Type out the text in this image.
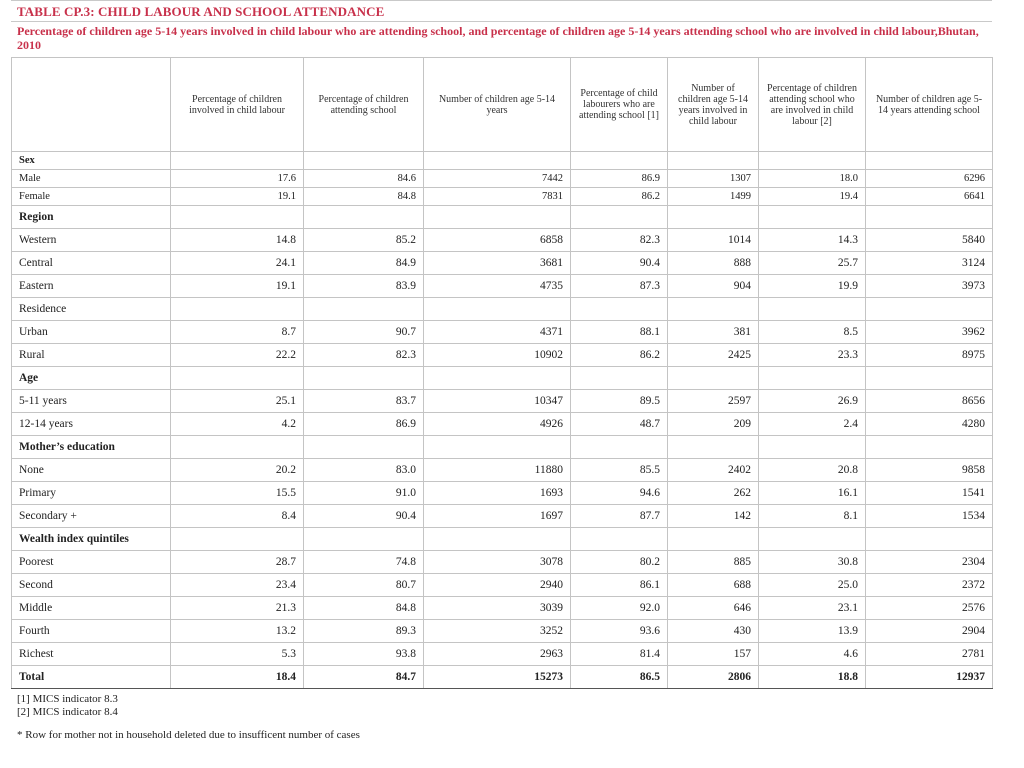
TABLE CP.3: CHILD LABOUR AND SCHOOL ATTENDANCE
Percentage of children age 5-14 years involved in child labour who are attending school, and percentage of children age 5-14 years attending school who are involved in child labour,Bhutan, 2010
	Percentage of children involved in child labour	Percentage of children attending school	Number of children age 5-14 years	Percentage of child labourers who are attending school [1]	Number of children age 5-14 years involved in child labour	Percentage of children attending school who are involved in child labour [2]	Number of children age 5-14 years attending school
Sex							
Male	17.6	84.6	7442	86.9	1307	18.0	6296
Female	19.1	84.8	7831	86.2	1499	19.4	6641
Region							
Western	14.8	85.2	6858	82.3	1014	14.3	5840
Central	24.1	84.9	3681	90.4	888	25.7	3124
Eastern	19.1	83.9	4735	87.3	904	19.9	3973
Residence							
Urban	8.7	90.7	4371	88.1	381	8.5	3962
Rural	22.2	82.3	10902	86.2	2425	23.3	8975
Age							
5-11 years	25.1	83.7	10347	89.5	2597	26.9	8656
12-14 years	4.2	86.9	4926	48.7	209	2.4	4280
Mother’s education							
None	20.2	83.0	11880	85.5	2402	20.8	9858
Primary	15.5	91.0	1693	94.6	262	16.1	1541
Secondary +	8.4	90.4	1697	87.7	142	8.1	1534
Wealth index quintiles							
Poorest	28.7	74.8	3078	80.2	885	30.8	2304
Second	23.4	80.7	2940	86.1	688	25.0	2372
Middle	21.3	84.8	3039	92.0	646	23.1	2576
Fourth	13.2	89.3	3252	93.6	430	13.9	2904
Richest	5.3	93.8	2963	81.4	157	4.6	2781
Total	18.4	84.7	15273	86.5	2806	18.8	12937
[1] MICS indicator 8.3
[2] MICS indicator 8.4
* Row for mother not in household deleted due to insufficent number of cases
